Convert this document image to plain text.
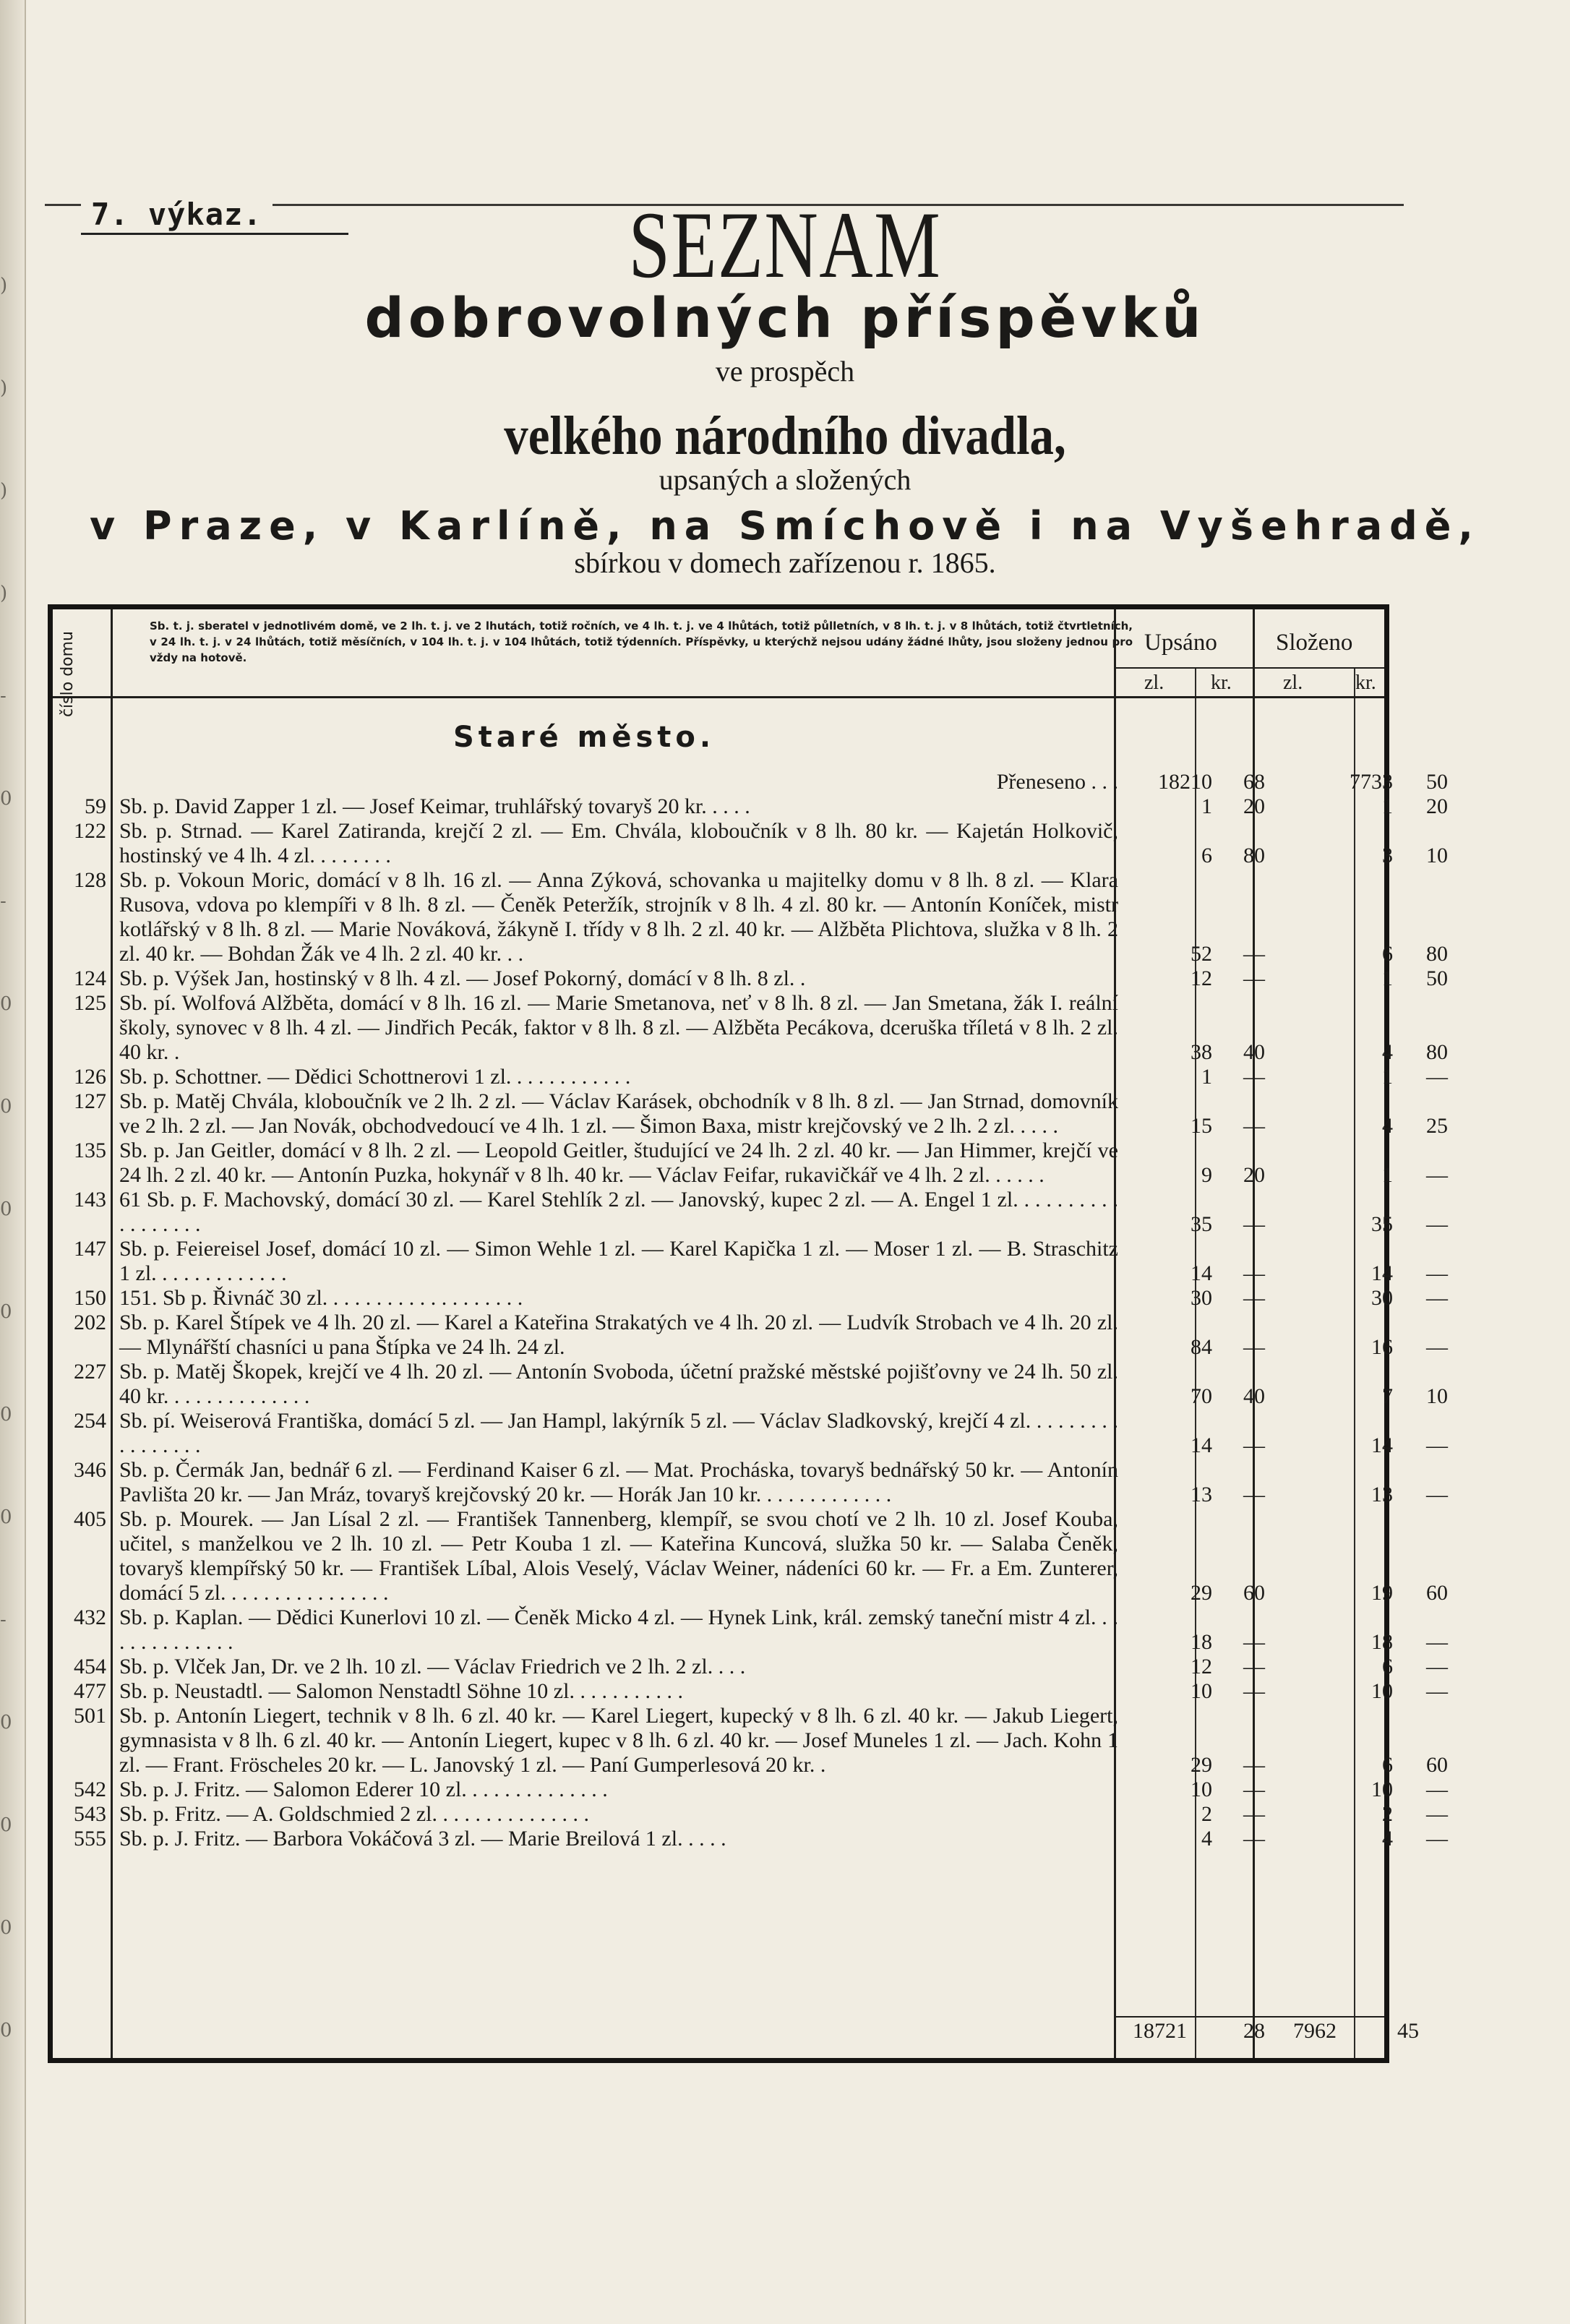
)
)
)
)
-
0
-
0
0
0
0
0
0
-
0
0
0
0
7. výkaz.	SEZNAM
dobrovolných příspěvků
ve prospěch
velkého národního divadla,
upsaných a složených
v Praze, v Karlíně, na Smíchově i na Vyšehradě,
sbírkou v domech zařízenou r. 1865.
číslo domu
Sb. t. j. sberatel v jednotlivém domě, ve 2 lh. t. j. ve 2 lhutách, totiž ročních, ve 4 lh. t. j. ve 4 lhůtách, totiž půlletních, v 8 lh. t. j. v 8 lhůtách, totiž čtvrtletních, v 24 lh. t. j. v 24 lhůtách, totiž měsíčních, v 104 lh. t. j. v 104 lhůtách, totiž týdenních. Příspěvky, u kterýchž nejsou udány žádné lhůty, jsou složeny jednou pro vždy na hotově.
Upsáno Složeno
zl. kr.	zl.	kr.
Staré město.
Přeneseno . . .	18210	68	7733	50
59 Sb. p. David Zapper 1 zl. — Josef Keimar, truhlářský tovaryš 20 kr. . . . .	1	20	1	20
122 Sb. p. Strnad. — Karel Zatiranda, krejčí 2 zl. — Em. Chvála, kloboučník v 8 lh. 80 kr. — Kajetán Holkovič, hostinský ve 4 lh. 4 zl. . . . . . . .	6	80	3	10
128 Sb. p. Vokoun Moric, domácí v 8 lh. 16 zl. — Anna Zýková, schovanka u majitelky domu v 8 lh. 8 zl. — Klara Rusova, vdova po klempíři v 8 lh. 8 zl. — Čeněk Peteržík, strojník v 8 lh. 4 zl. 80 kr. — Antonín Koníček, mistr kotlářský v 8 lh. 8 zl. — Marie Nováková, žákyně I. třídy v 8 lh. 2 zl. 40 kr. — Alžběta Plichtova, služka v 8 lh. 2 zl. 40 kr. — Bohdan Žák ve 4 lh. 2 zl. 40 kr. . .	52	—	6	80
124 Sb. p. Výšek Jan, hostinský v 8 lh. 4 zl. — Josef Pokorný, domácí v 8 lh. 8 zl. .	12	—	1	50
125 Sb. pí. Wolfová Alžběta, domácí v 8 lh. 16 zl. — Marie Smetanova, neť v 8 lh. 8 zl. — Jan Smetana, žák I. reální školy, synovec v 8 lh. 4 zl. — Jindřich Pecák, faktor v 8 lh. 8 zl. — Alžběta Pecákova, dceruška tříletá v 8 lh. 2 zl. 40 kr. .	38	40	4	80
126 Sb. p. Schottner. — Dědici Schottnerovi 1 zl. . . . . . . . . . . .	1	—	1	—
127 Sb. p. Matěj Chvála, kloboučník ve 2 lh. 2 zl. — Václav Karásek, obchodník v 8 lh. 8 zl. — Jan Strnad, domovník ve 2 lh. 2 zl. — Jan Novák, obchodvedoucí ve 4 lh. 1 zl. — Šimon Baxa, mistr krejčovský ve 2 lh. 2 zl. . . . .	15	—	4	25
135 Sb. p. Jan Geitler, domácí v 8 lh. 2 zl. — Leopold Geitler, študující ve 24 lh. 2 zl. 40 kr. — Jan Himmer, krejčí ve 24 lh. 2 zl. 40 kr. — Antonín Puzka, hokynář v 8 lh. 40 kr. — Václav Feifar, rukavičkář ve 4 lh. 2 zl. . . . . .	9	20	1	—
143 61 Sb. p. F. Machovský, domácí 30 zl. — Karel Stehlík 2 zl. — Janovský, kupec 2 zl. — A. Engel 1 zl. . . . . . . . . . . . . . . . . .	35	—	35	—
147 Sb. p. Feiereisel Josef, domácí 10 zl. — Simon Wehle 1 zl. — Karel Kapička 1 zl. — Moser 1 zl. — B. Straschitz 1 zl. . . . . . . . . . . . .	14	—	14	—
150 151. Sb p. Řivnáč 30 zl. . . . . . . . . . . . . . . . . . .	30	—	30	—
202 Sb. p. Karel Štípek ve 4 lh. 20 zl. — Karel a Kateřina Strakatých ve 4 lh. 20 zl. — Ludvík Strobach ve 4 lh. 20 zl. — Mlynářští chasníci u pana Štípka ve 24 lh. 24 zl.	84	—	16	—
227 Sb. p. Matěj Škopek, krejčí ve 4 lh. 20 zl. — Antonín Svoboda, účetní pražské městské pojišťovny ve 24 lh. 50 zl. 40 kr. . . . . . . . . . . . . .	70	40	7	10
254 Sb. pí. Weiserová Františka, domácí 5 zl. — Jan Hampl, lakýrník 5 zl. — Václav Sladkovský, krejčí 4 zl. . . . . . . . . . . . . . . . .	14	—	14	—
346 Sb. p. Čermák Jan, bednář 6 zl. — Ferdinand Kaiser 6 zl. — Mat. Procháska, tovaryš bednářský 50 kr. — Antonín Pavlišta 20 kr. — Jan Mráz, tovaryš krejčovský 20 kr. — Horák Jan 10 kr. . . . . . . . . . . . .	13	—	13	—
405 Sb. p. Mourek. — Jan Lísal 2 zl. — František Tannenberg, klempíř, se svou chotí ve 2 lh. 10 zl. Josef Kouba, učitel, s manželkou ve 2 lh. 10 zl. — Petr Kouba 1 zl. — Kateřina Kuncová, služka 50 kr. — Salaba Čeněk, tovaryš klempířský 50 kr. — František Líbal, Alois Veselý, Václav Weiner, nádeníci 60 kr. — Fr. a Em. Zunterer, domácí 5 zl. . . . . . . . . . . . . . . .	29	60	19	60
432 Sb. p. Kaplan. — Dědici Kunerlovi 10 zl. — Čeněk Micko 4 zl. — Hynek Link, král. zemský taneční mistr 4 zl. . . . . . . . . . . . . .	18	—	18	—
454 Sb. p. Vlček Jan, Dr. ve 2 lh. 10 zl. — Václav Friedrich ve 2 lh. 2 zl. . . .	12	—	6	—
477 Sb. p. Neustadtl. — Salomon Nenstadtl Söhne 10 zl. . . . . . . . . . .	10	—	10	—
501 Sb. p. Antonín Liegert, technik v 8 lh. 6 zl. 40 kr. — Karel Liegert, kupecký v 8 lh. 6 zl. 40 kr. — Jakub Liegert, gymnasista v 8 lh. 6 zl. 40 kr. — Antonín Liegert, kupec v 8 lh. 6 zl. 40 kr. — Josef Muneles 1 zl. — Jach. Kohn 1 zl. — Frant. Fröscheles 20 kr. — L. Janovský 1 zl. — Paní Gumperlesová 20 kr. .	29	—	6	60
542 Sb. p. J. Fritz. — Salomon Ederer 10 zl. . . . . . . . . . . . . .	10	—	10	—
543 Sb. p. Fritz. — A. Goldschmied 2 zl. . . . . . . . . . . . . . .	2	—	2	—
555 Sb. p. J. Fritz. — Barbora Vokáčová 3 zl. — Marie Breilová 1 zl. . . . .	4	—	4	—
18721	28	7962	45
